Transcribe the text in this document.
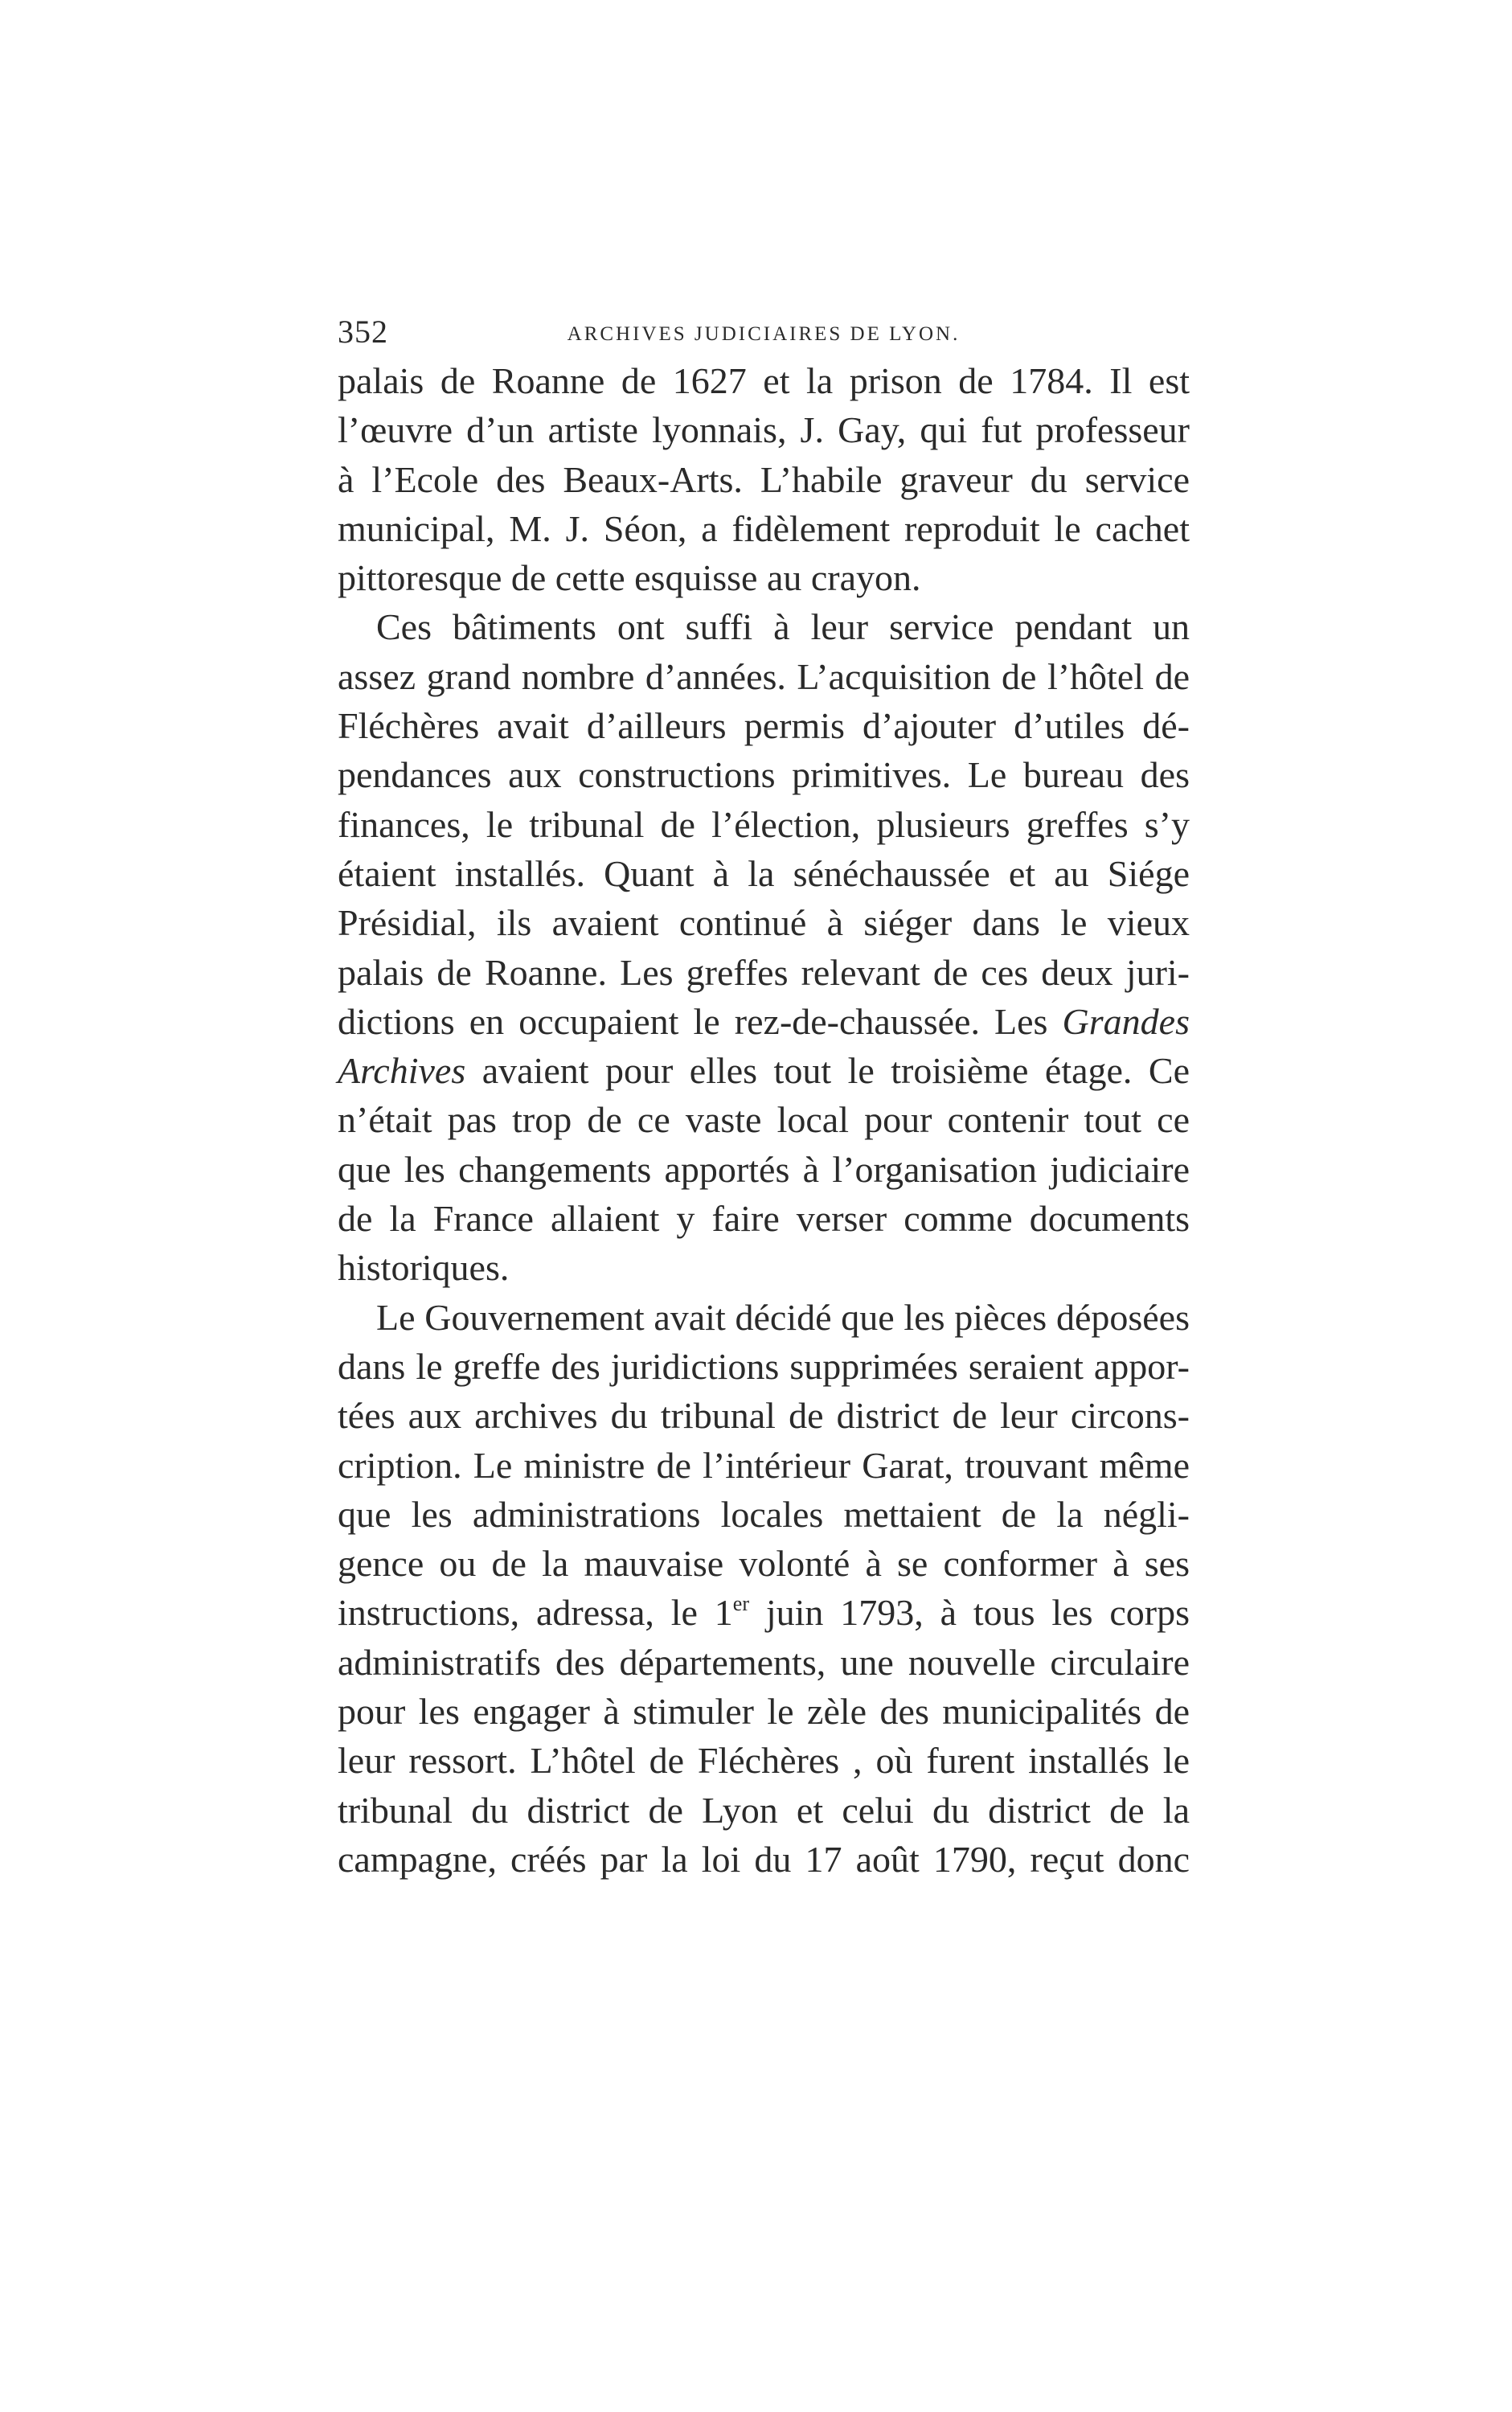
352	ARCHIVES JUDICIAIRES DE LYON.
palais de Roanne de 1627 et la prison de 1784. Il est
l’œuvre d’un artiste lyonnais, J. Gay, qui fut professeur
à l’Ecole des Beaux-Arts. L’habile graveur du service
municipal, M. J. Séon, a fidèlement reproduit le cachet
pittoresque de cette esquisse au crayon.
Ces bâtiments ont suffi à leur service pendant un
assez grand nombre d’années. L’acquisition de l’hôtel de
Fléchères avait d’ailleurs permis d’ajouter d’utiles dé-
pendances aux constructions primitives. Le bureau des
finances, le tribunal de l’élection, plusieurs greffes s’y
étaient installés. Quant à la sénéchaussée et au Siége
Présidial, ils avaient continué à siéger dans le vieux
palais de Roanne. Les greffes relevant de ces deux juri-
dictions en occupaient le rez-de-chaussée. Les Grandes
Archives avaient pour elles tout le troisième étage. Ce
n’était pas trop de ce vaste local pour contenir tout ce
que les changements apportés à l’organisation judiciaire
de la France allaient y faire verser comme documents
historiques.
Le Gouvernement avait décidé que les pièces déposées
dans le greffe des juridictions supprimées seraient appor-
tées aux archives du tribunal de district de leur circons-
cription. Le ministre de l’intérieur Garat, trouvant même
que les administrations locales mettaient de la négli-
gence ou de la mauvaise volonté à se conformer à ses
instructions, adressa, le 1er juin 1793, à tous les corps
administratifs des départements, une nouvelle circulaire
pour les engager à stimuler le zèle des municipalités de
leur ressort. L’hôtel de Fléchères , où furent installés le
tribunal du district de Lyon et celui du district de la
campagne, créés par la loi du 17 août 1790, reçut donc
